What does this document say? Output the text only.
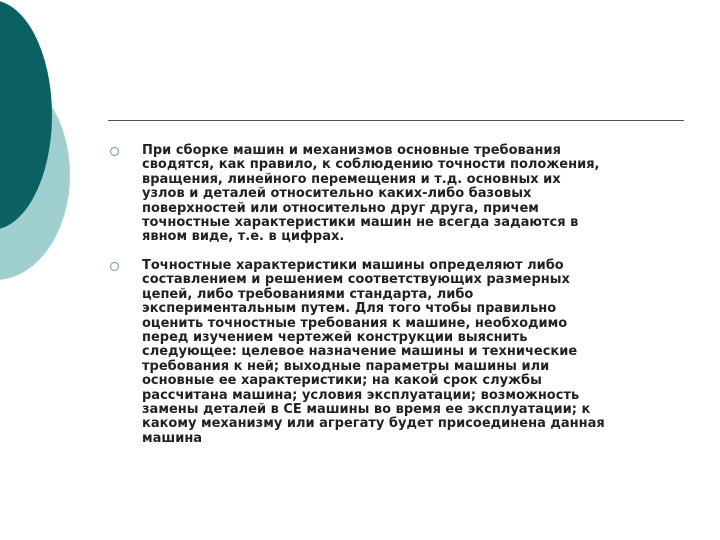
При сборке машин и механизмов основные требования
сводятся, как правило, к соблюдению точности положения,
вращения, линейного перемещения и т.д. основных их
узлов и деталей относительно каких-либо базовых
поверхностей или относительно друг друга, причем
точностные характеристики машин не всегда задаются в
явном виде, т.е. в цифрах.
Точностные характеристики машины определяют либо
составлением и решением соответствующих размерных
цепей, либо требованиями стандарта, либо
экспериментальным путем. Для того чтобы правильно
оценить точностные требования к машине, необходимо
перед изучением чертежей конструкции выяснить
следующее: целевое назначение машины и технические
требования к ней; выходные параметры машины или
основные ее характеристики; на какой срок службы
рассчитана машина; условия эксплуатации; возможность
замены деталей в СЕ машины во время ее эксплуатации; к
какому механизму или агрегату будет присоединена данная
машина
